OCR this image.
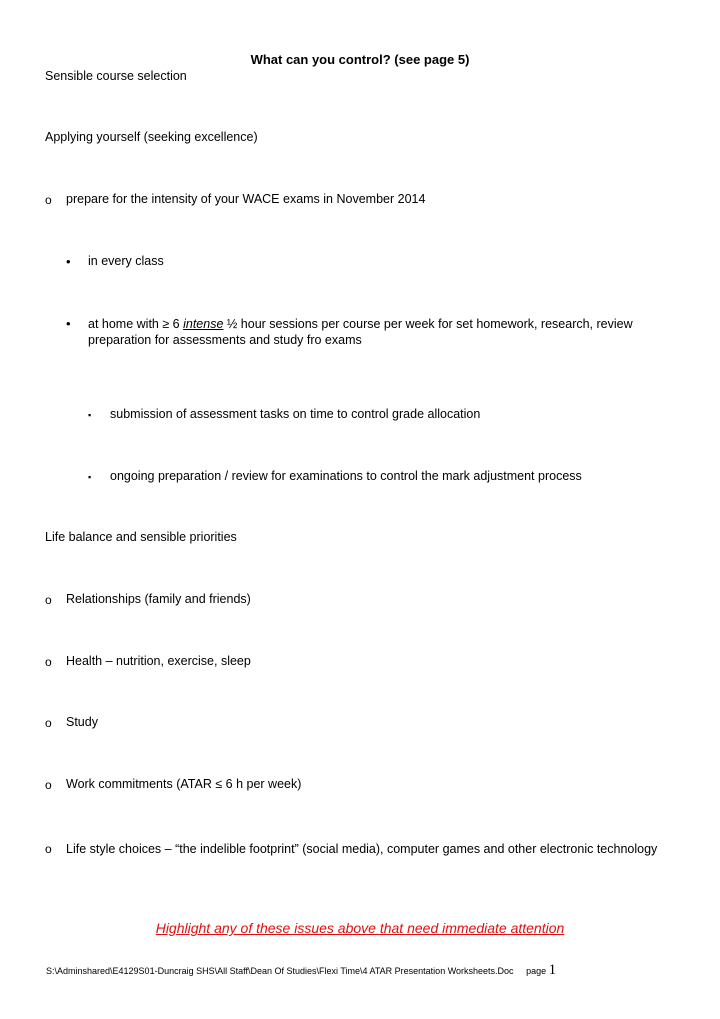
What can you control? (see page 5)
Sensible course selection
Applying yourself (seeking excellence)
o prepare for the intensity of your WACE exams in November 2014
• in every class
• at home with ≥ 6 intense ½ hour sessions per course per week for set homework, research, review preparation for assessments and study fro exams
▪ submission of assessment tasks on time to control grade allocation
▪ ongoing preparation / review for examinations to control the mark adjustment process
Life balance and sensible priorities
o Relationships (family and friends)
o Health – nutrition, exercise, sleep
o Study
o Work commitments (ATAR ≤ 6 h per week)
o Life style choices – “the indelible footprint” (social media), computer games and other electronic technology
Highlight any of these issues above that need immediate attention
S:\Adminshared\E4129S01-Duncraig SHS\All Staff\Dean Of Studies\Flexi Time\4 ATAR Presentation Worksheets.Doc page 1
